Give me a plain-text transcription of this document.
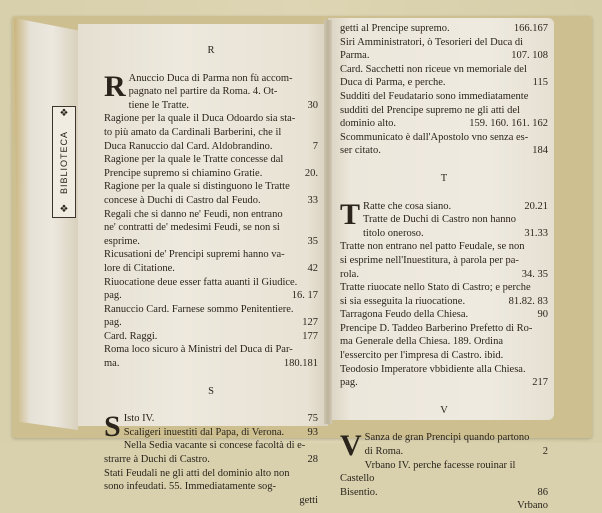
❖
BIBLIOTECA
❖
R
R Anuccio Duca di Parma non fù accom-
pagnato nel partire da Roma. 4. Ot-
30
tiene le Tratte.
Ragione per la quale il Duca Odoardo sia sta-
to più amato da Cardinali Barberini, che il
7
Duca Ranuccio dal Card. Aldobrandino.
Ragione per la quale le Tratte concesse dal
20.
Prencipe supremo si chiamino Gratie.
Ragione per la quale si distinguono le Tratte
33
concese à Duchi di Castro dal Feudo.
Regali che si danno ne' Feudi, non entrano
ne' contratti de' medesimi Feudi, se non si
35
esprime.
Ricusationi de' Prencipi supremi hanno va-
42
lore di Citatione.
Riuocatione deue esser fatta auanti il Giudice.
16. 17
pag.
Ranuccio Card. Farnese sommo Penitentiere.
127
pag.
177
Card. Raggi.
Roma loco sicuro à Ministri del Duca di Par-
180.181
ma.
S
S	75
Isto IV.
93
Scaligeri inuestiti dal Papa, di Verona.
Nella Sedia vacante si concese facoltà di e-
28
strarre à Duchi di Castro.
Stati Feudali ne gli atti del dominio alto non
sono infeudati. 55. Immediatamente sog-
getti
166.167
getti al Prencipe supremo.
Siri Amministratori, ò Tesorieri del Duca di
107. 108
Parma.
Card. Sacchetti non riceue vn memoriale del
115
Duca di Parma, e perche.
Sudditi del Feudatario sono immediatamente
sudditi del Prencipe supremo ne gli atti del
159. 160. 161. 162
dominio alto.
Scommunicato è dall'Apostolo vno senza es-
184
ser citato.
T
T	20.21
Ratte che cosa siano.
Tratte de Duchi di Castro non hanno
31.33
titolo oneroso.
Tratte non entrano nel patto Feudale, se non
si esprime nell'Inuestitura, à parola per pa-
34. 35
rola.
Tratte riuocate nello Stato di Castro; e perche
81.82. 83
si sia esseguita la riuocatione.
90
Tarragona Feudo della Chiesa.
Prencipe D. Taddeo Barberino Prefetto di Ro-
ma Generale della Chiesa. 189. Ordina
l'essercito per l'impresa di Castro. ibid.
Teodosio Imperatore vbbidiente alla Chiesa.
217
pag.
V
V Sanza de gran Prencipi quando partono
2
di Roma.
Vrbano IV. perche facesse rouinar il Castello
86
Bisentio.
Vrbano
